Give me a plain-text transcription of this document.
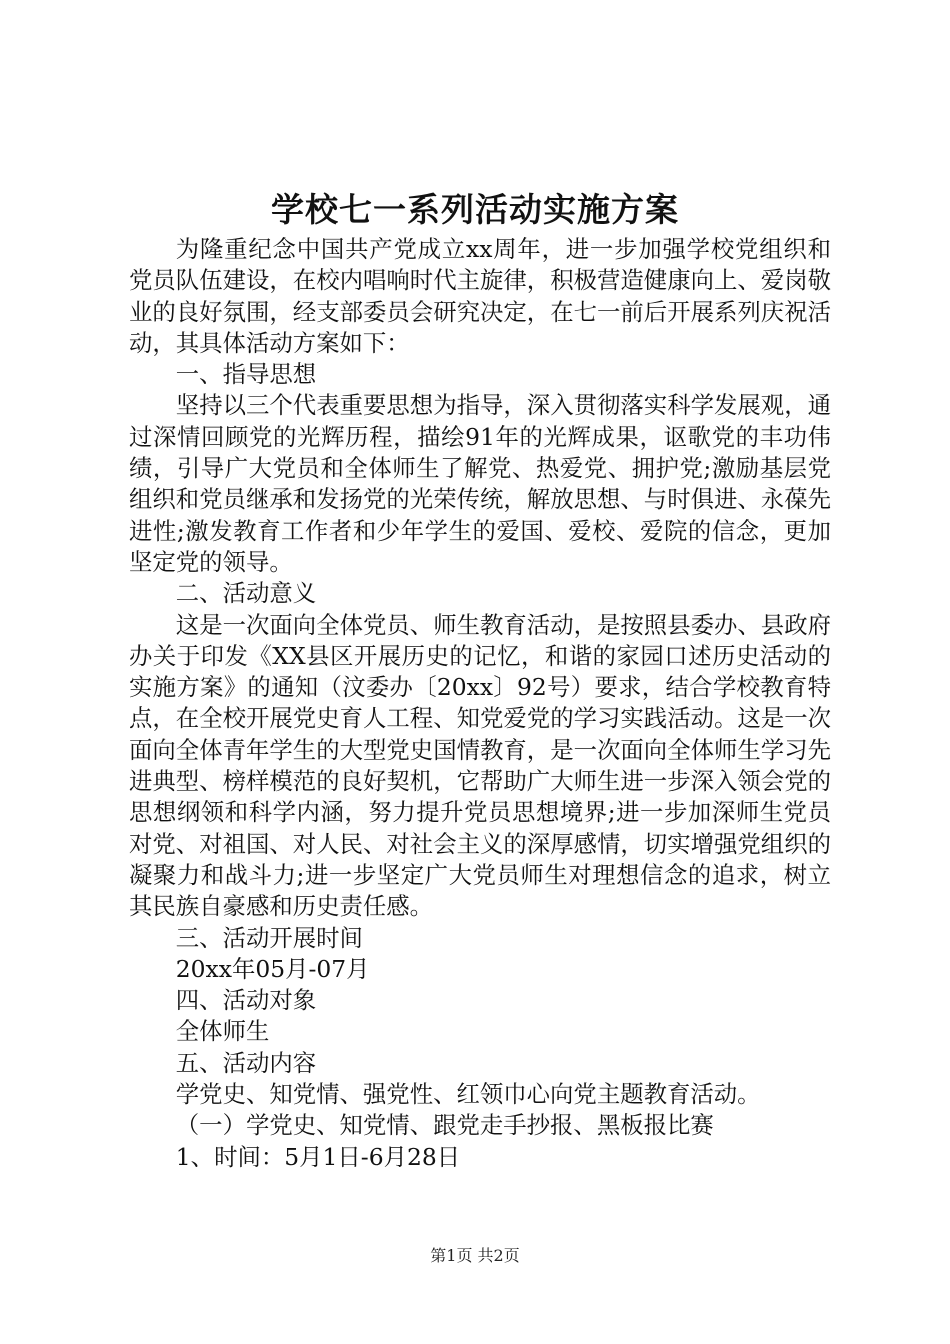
学校七一系列活动实施方案

为隆重纪念中国共产党成立xx周年，进一步加强学校党组织和党员队伍建设，在校内唱响时代主旋律，积极营造健康向上、爱岗敬业的良好氛围，经支部委员会研究决定，在七一前后开展系列庆祝活动，其具体活动方案如下：

一、指导思想

坚持以三个代表重要思想为指导，深入贯彻落实科学发展观，通过深情回顾党的光辉历程，描绘91年的光辉成果，讴歌党的丰功伟绩，引导广大党员和全体师生了解党、热爱党、拥护党;激励基层党组织和党员继承和发扬党的光荣传统，解放思想、与时俱进、永葆先进性;激发教育工作者和少年学生的爱国、爱校、爱院的信念，更加坚定党的领导。

二、活动意义

这是一次面向全体党员、师生教育活动，是按照县委办、县政府办关于印发《XX县区开展历史的记忆，和谐的家园口述历史活动的实施方案》的通知（汶委办〔20xx〕92号）要求，结合学校教育特点，在全校开展党史育人工程、知党爱党的学习实践活动。这是一次面向全体青年学生的大型党史国情教育，是一次面向全体师生学习先进典型、榜样模范的良好契机，它帮助广大师生进一步深入领会党的思想纲领和科学内涵，努力提升党员思想境界;进一步加深师生党员对党、对祖国、对人民、对社会主义的深厚感情，切实增强党组织的凝聚力和战斗力;进一步坚定广大党员师生对理想信念的追求，树立其民族自豪感和历史责任感。

三、活动开展时间

20xx年05月-07月

四、活动对象

全体师生

五、活动内容

学党史、知党情、强党性、红领巾心向党主题教育活动。

（一）学党史、知党情、跟党走手抄报、黑板报比赛

1、时间：5月1日-6月28日

第1页 共2页
